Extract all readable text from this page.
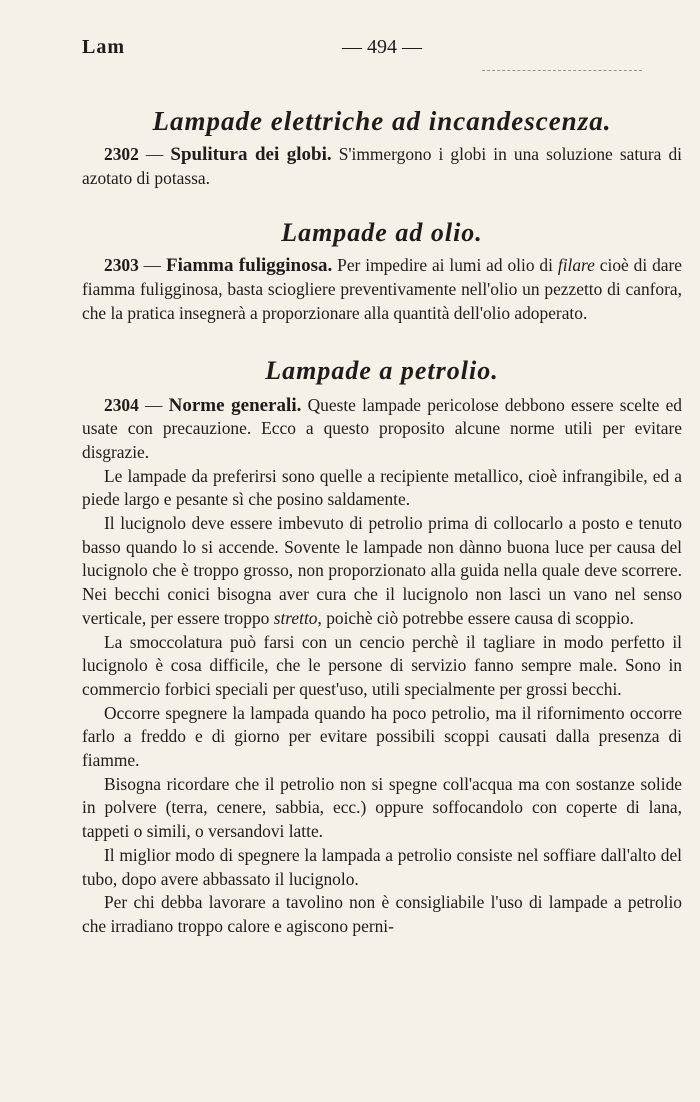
Lam	— 494 —
Lampade elettriche ad incandescenza.

2302 — Spulitura dei globi. S'immergono i globi in una soluzione satura di azotato di potassa.

Lampade ad olio.

2303 — Fiamma fuligginosa. Per impedire ai lumi ad olio di filare cioè di dare fiamma fuligginosa, basta sciogliere preventivamente nell'olio un pezzetto di canfora, che la pratica insegnerà a proporzionare alla quantità dell'olio adoperato.

Lampade a petrolio.

2304 — Norme generali. Queste lampade pericolose debbono essere scelte ed usate con precauzione. Ecco a questo proposito alcune norme utili per evitare disgrazie.

Le lampade da preferirsi sono quelle a recipiente metallico, cioè infrangibile, ed a piede largo e pesante sì che posino saldamente.

Il lucignolo deve essere imbevuto di petrolio prima di collocarlo a posto e tenuto basso quando lo si accende. Sovente le lampade non dànno buona luce per causa del lucignolo che è troppo grosso, non proporzionato alla guida nella quale deve scorrere. Nei becchi conici bisogna aver cura che il lucignolo non lasci un vano nel senso verticale, per essere troppo stretto, poichè ciò potrebbe essere causa di scoppio.

La smoccolatura può farsi con un cencio perchè il tagliare in modo perfetto il lucignolo è cosa difficile, che le persone di servizio fanno sempre male. Sono in commercio forbici speciali per quest'uso, utili specialmente per grossi becchi.

Occorre spegnere la lampada quando ha poco petrolio, ma il rifornimento occorre farlo a freddo e di giorno per evitare possibili scoppi causati dalla presenza di fiamme.

Bisogna ricordare che il petrolio non si spegne coll'acqua ma con sostanze solide in polvere (terra, cenere, sabbia, ecc.) oppure soffocandolo con coperte di lana, tappeti o simili, o versandovi latte.

Il miglior modo di spegnere la lampada a petrolio consiste nel soffiare dall'alto del tubo, dopo avere abbassato il lucignolo.

Per chi debba lavorare a tavolino non è consigliabile l'uso di lampade a petrolio che irradiano troppo calore e agiscono perni-
